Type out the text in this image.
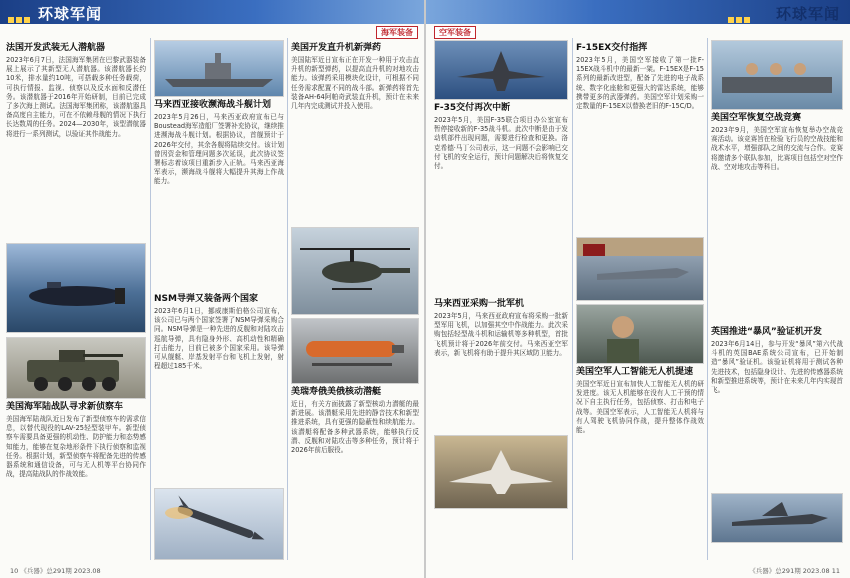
环球军闻
海军装备
法国开发武装无人潜航器
2023年6月7日，法国海军集团在巴黎武器装备展上展示了其新型无人潜航器。该潜航器长约10米，排水量约10吨，可搭载多种任务载荷，可执行情报、监视、侦察以及反水面和反潜任务。该潜航器于2016年开始研制，目前已完成了多次海上测试。法国海军集团称，该潜航器具备高度自主能力，可在不依赖母舰的情况下执行长达数周的任务。2024—2030年，该型潜航器将进行一系列测试，以验证其作战能力。
美国海军陆战队寻求新侦察车
美国海军陆战队近日发布了新型侦察车的需求信息，以替代现役的LAV-25轻型装甲车。新型侦察车需要具备更强的机动性、防护能力和态势感知能力，能够在复杂地形条件下执行侦察和监视任务。根据计划，新型侦察车将配备先进的传感器系统和通信设备，可与无人机等平台协同作战，提高陆战队的作战效能。
马来西亚接收濒海战斗舰计划
2023年5月26日，马来西亚政府宣布已与Boustead海军造船厂签署补充协议，继续推进濒海战斗舰计划。根据协议，首舰预计于2026年交付，其余各舰将陆续交付。该计划曾因资金和管理问题多次延误，此次协议签署标志着该项目重新步入正轨。马来西亚海军表示，濒海战斗舰将大幅提升其海上作战能力。
NSM导弹又装备两个国家
2023年6月1日，挪威康斯伯格公司宣布，该公司已与两个国家签署了NSM导弹采购合同。NSM导弹是一种先进的反舰和对陆攻击巡航导弹，具有隐身外形、高机动性和精确打击能力，目前已被多个国家采用。该导弹可从舰艇、岸基发射平台和飞机上发射，射程超过185千米。
美国开发直升机新弹药
美国陆军近日宣布正在开发一种用于攻击直升机的新型弹药，以提高直升机的对地攻击能力。该弹药采用模块化设计，可根据不同任务需求配置不同的战斗部。新弹药将首先装备AH-64阿帕奇武装直升机，预计在未来几年内完成测试并投入使用。
美瑞寿俄美俄核动潜艇
近日，有关方面披露了新型核动力潜艇的最新进展。该潜艇采用先进的静音技术和新型推进系统，具有更强的隐蔽性和续航能力。该潜艇将配备多种武器系统，能够执行反潜、反舰和对陆攻击等多种任务，预计将于2026年前后服役。
10 《兵器》总291期 2023.08
环球军闻
空军装备
F-35交付再次中断
2023年5月，美国F-35联合项目办公室宣布暂停接收新的F-35战斗机。此次中断是由于发动机部件出现问题，需要进行检查和更换。洛克希德·马丁公司表示，这一问题不会影响已交付飞机的安全运行，预计问题解决后将恢复交付。
马来西亚采购一批军机
2023年5月，马来西亚政府宣布将采购一批新型军用飞机，以加强其空中作战能力。此次采购包括轻型战斗机和运输机等多种机型，首批飞机预计将于2026年前交付。马来西亚空军表示，新飞机将有助于提升其区域防卫能力。
F-15EX交付指挥
2023年5月，美国空军接收了第一批F-15EX战斗机中的最新一架。F-15EX是F-15系列的最新改进型，配备了先进的电子战系统、数字化座舱和更强大的雷达系统，能够携带更多的武器弹药。美国空军计划采购一定数量的F-15EX以替换老旧的F-15C/D。
美国空军人工智能无人机提速
美国空军近日宣布加快人工智能无人机的研发进度。该无人机能够在没有人工干预的情况下自主执行任务，包括侦察、打击和电子战等。美国空军表示，人工智能无人机将与有人驾驶飞机协同作战，提升整体作战效能。
美国空军恢复空战竞赛
2023年9月，美国空军宣布恢复举办空战竞赛活动。该竞赛旨在检验飞行员的空战技能和战术水平，增强部队之间的交流与合作。竞赛将邀请多个联队参加，比赛项目包括空对空作战、空对地攻击等科目。
英国推进“暴风”验证机开发
2023年6月14日，参与开发“暴风”第六代战斗机的英国BAE系统公司宣布，已开始制造“暴风”验证机。该验证机将用于测试各种先进技术，包括隐身设计、先进的传感器系统和新型推进系统等，预计在未来几年内实现首飞。
《兵器》总291期 2023.08 11
